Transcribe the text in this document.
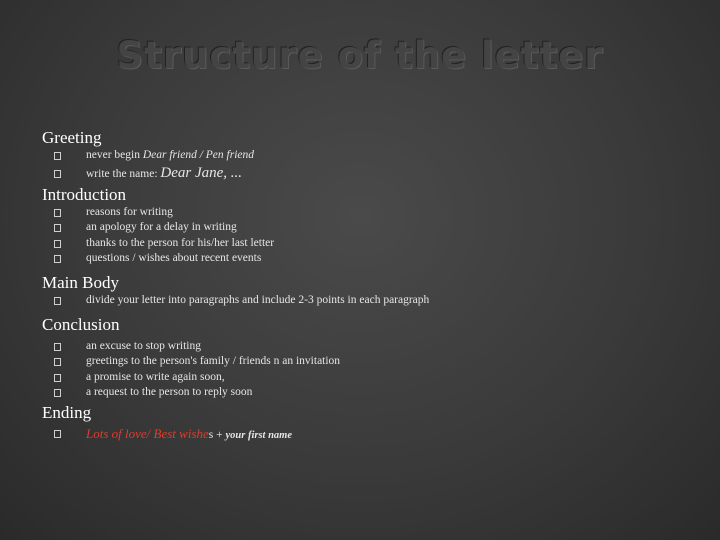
Structure of the letter
Greeting
never begin Dear friend / Pen friend
write the name: Dear Jane, ...
Introduction
reasons for writing
an apology for a delay in writing
thanks to the person for his/her last letter
questions / wishes about recent events
Main Body
divide your letter into paragraphs and include 2-3 points in each paragraph
Conclusion
an excuse to stop writing
greetings to the person's family / friends n an invitation
a promise to write again soon,
a request to the person to reply soon
Ending
Lots of love/ Best wishes + your first name
